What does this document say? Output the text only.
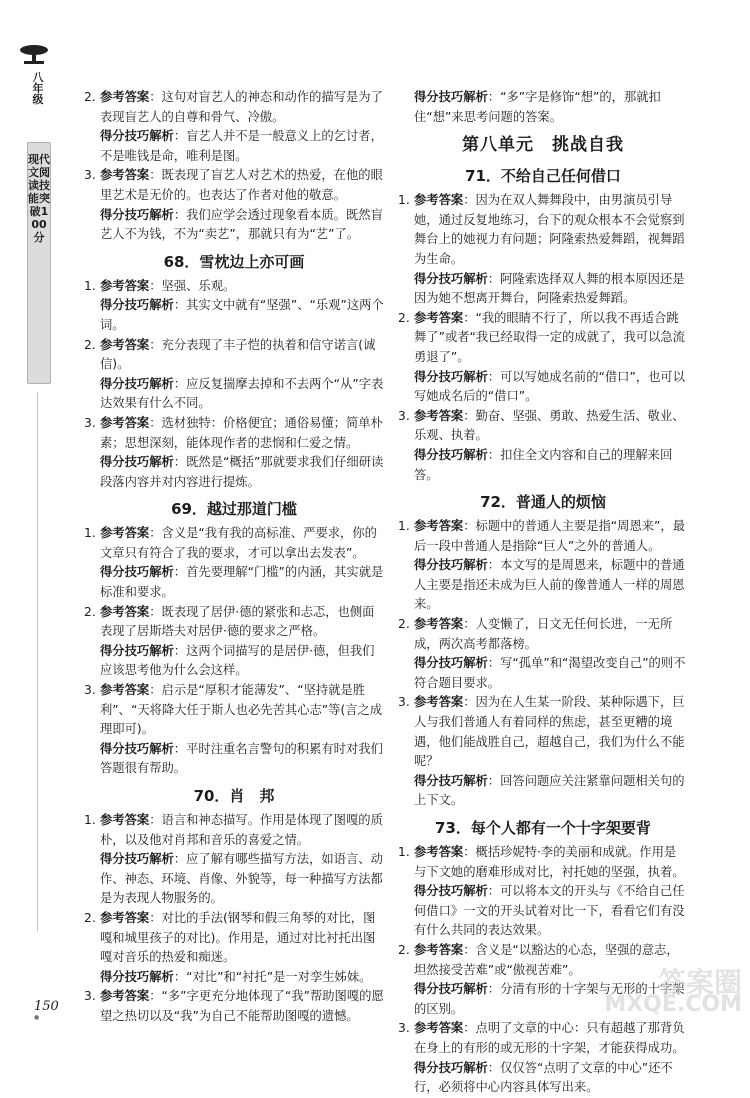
八年级
现代文阅读技能突破100分
150
●
2. 参考答案：这句对盲艺人的神态和动作的描写是为了表现盲艺人的自尊和骨气、冷傲。
得分技巧解析：盲艺人并不是一般意义上的乞讨者，不是唯钱是命，唯利是图。
3. 参考答案：既表现了盲艺人对艺术的热爱，在他的眼里艺术是无价的。也表达了作者对他的敬意。
得分技巧解析：我们应学会透过现象看本质。既然盲艺人不为钱，不为“卖艺”，那就只有为“艺”了。
68．雪枕边上亦可画
1. 参考答案：坚强、乐观。
得分技巧解析：其实文中就有“坚强”、“乐观”这两个词。
2. 参考答案：充分表现了丰子恺的执着和信守诺言(诚信)。
得分技巧解析：应反复揣摩去掉和不去两个“从”字表达效果有什么不同。
3. 参考答案：选材独特：价格便宜；通俗易懂；简单朴素；思想深刻，能体现作者的悲悯和仁爱之情。
得分技巧解析：既然是“概括”那就要求我们仔细研读段落内容并对内容进行提炼。
69．越过那道门槛
1. 参考答案：含义是“我有我的高标准、严要求，你的文章只有符合了我的要求，才可以拿出去发表”。
得分技巧解析：首先要理解“门槛”的内涵，其实就是标准和要求。
2. 参考答案：既表现了居伊·德的紧张和忐忑，也侧面表现了居斯塔夫对居伊·德的要求之严格。
得分技巧解析：这两个词描写的是居伊·德，但我们应该思考他为什么会这样。
3. 参考答案：启示是“厚积才能薄发”、“坚持就是胜利”、“天将降大任于斯人也必先苦其心志”等(言之成理即可)。
得分技巧解析：平时注重名言警句的积累有时对我们答题很有帮助。
70．肖　邦
1. 参考答案：语言和神态描写。作用是体现了图嘎的质朴，以及他对肖邦和音乐的喜爱之情。
得分技巧解析：应了解有哪些描写方法，如语言、动作、神态、环境、肖像、外貌等，每一种描写方法都是为表现人物服务的。
2. 参考答案：对比的手法(钢琴和假三角琴的对比，图嘎和城里孩子的对比)。作用是，通过对比衬托出图嘎对音乐的热爱和痴迷。
得分技巧解析：“对比”和“衬托”是一对孪生姊妹。
3. 参考答案：“多”字更充分地体现了“我”帮助图嘎的愿望之热切以及“我”为自己不能帮助图嘎的遗憾。
得分技巧解析：“多”字是修饰“想”的，那就扣住“想”来思考问题的答案。
第八单元　挑战自我
71．不给自己任何借口
1. 参考答案：因为在双人舞舞段中，由男演员引导她，通过反复地练习，台下的观众根本不会觉察到舞台上的她视力有问题；阿隆索热爱舞蹈，视舞蹈为生命。
得分技巧解析：阿隆索选择双人舞的根本原因还是因为她不想离开舞台，阿隆索热爱舞蹈。
2. 参考答案：“我的眼睛不行了，所以我不再适合跳舞了”或者“我已经取得一定的成就了，我可以急流勇退了”。
得分技巧解析：可以写她成名前的“借口”，也可以写她成名后的“借口”。
3. 参考答案：勤奋、坚强、勇敢、热爱生活、敬业、乐观、执着。
得分技巧解析：扣住全文内容和自己的理解来回答。
72．普通人的烦恼
1. 参考答案：标题中的普通人主要是指“周恩来”，最后一段中普通人是指除“巨人”之外的普通人。
得分技巧解析：本文写的是周恩来，标题中的普通人主要是指还未成为巨人前的像普通人一样的周恩来。
2. 参考答案：人变懒了，日文无任何长进，一无所成，两次高考都落榜。
得分技巧解析：写“孤单”和“渴望改变自己”的则不符合题目要求。
3. 参考答案：因为在人生某一阶段、某种际遇下，巨人与我们普通人有着同样的焦虑，甚至更糟的境遇，他们能战胜自己，超越自己，我们为什么不能呢？
得分技巧解析：回答问题应关注紧靠问题相关句的上下文。
73．每个人都有一个十字架要背
1. 参考答案：概括珍妮特·李的美丽和成就。作用是与下文她的磨难形成对比，衬托她的坚强，执着。
得分技巧解析：可以将本文的开头与《不给自己任何借口》一文的开头试着对比一下，看看它们有没有什么共同的表达效果。
2. 参考答案：含义是“以豁达的心态，坚强的意志，坦然接受苦难”或“傲视苦难”。
得分技巧解析：分清有形的十字架与无形的十字架的区别。
3. 参考答案：点明了文章的中心：只有超越了那背负在身上的有形的或无形的十字架，才能获得成功。
得分技巧解析：仅仅答“点明了文章的中心”还不行，必须将中心内容具体写出来。
答案圈
MXQE.COM
